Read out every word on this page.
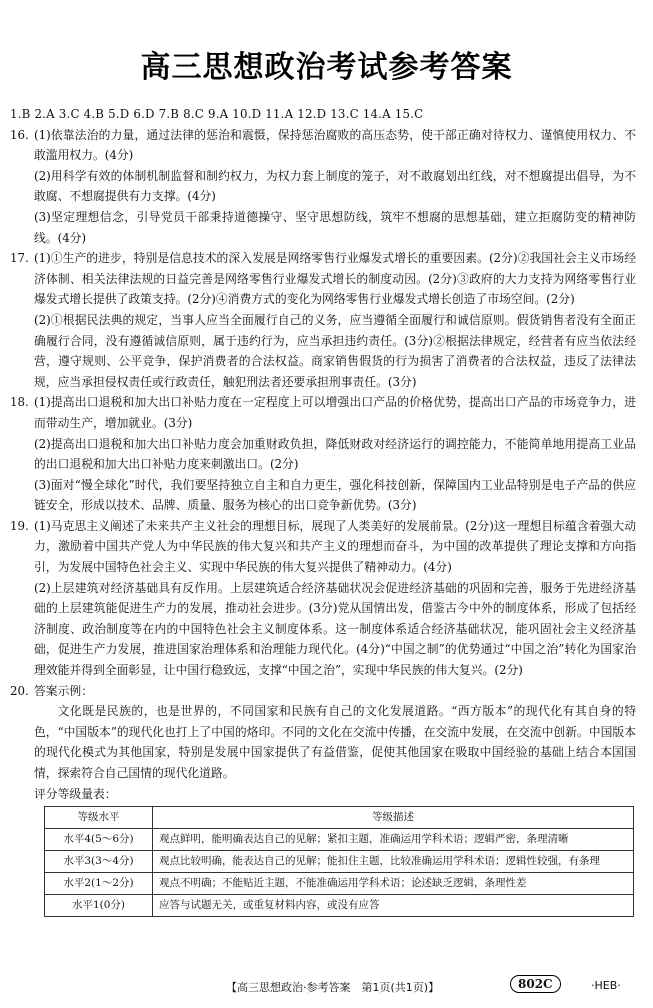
高三思想政治考试参考答案

1.B 2.A 3.C 4.B 5.D 6.D 7.B 8.C 9.A 10.D 11.A 12.D 13.C 14.A 15.C

16. (1)依靠法治的力量，通过法律的惩治和震慑，保持惩治腐败的高压态势，使干部正确对待权力、谨慎使用权力、不敢滥用权力。(4分)

(2)用科学有效的体制机制监督和制约权力，为权力套上制度的笼子，对不敢腐划出红线，对不想腐提出倡导，为不敢腐、不想腐提供有力支撑。(4分)

(3)坚定理想信念，引导党员干部秉持道德操守、坚守思想防线，筑牢不想腐的思想基础，建立拒腐防变的精神防线。(4分)

17. (1)①生产的进步，特别是信息技术的深入发展是网络零售行业爆发式增长的重要因素。(2分)②我国社会主义市场经济体制、相关法律法规的日益完善是网络零售行业爆发式增长的制度动因。(2分)③政府的大力支持为网络零售行业爆发式增长提供了政策支持。(2分)④消费方式的变化为网络零售行业爆发式增长创造了市场空间。(2分)

(2)①根据民法典的规定，当事人应当全面履行自己的义务，应当遵循全面履行和诚信原则。假货销售者没有全面正确履行合同，没有遵循诚信原则，属于违约行为，应当承担违约责任。(3分)②根据法律规定，经营者有应当依法经营，遵守规则、公平竞争，保护消费者的合法权益。商家销售假货的行为损害了消费者的合法权益，违反了法律法规，应当承担侵权责任或行政责任，触犯刑法者还要承担刑事责任。(3分)

18. (1)提高出口退税和加大出口补贴力度在一定程度上可以增强出口产品的价格优势，提高出口产品的市场竞争力，进而带动生产，增加就业。(3分)

(2)提高出口退税和加大出口补贴力度会加重财政负担，降低财政对经济运行的调控能力，不能简单地用提高工业品的出口退税和加大出口补贴力度来刺激出口。(2分)

(3)面对“慢全球化”时代，我们要坚持独立自主和自力更生，强化科技创新，保障国内工业品特别是电子产品的供应链安全，形成以技术、品牌、质量、服务为核心的出口竞争新优势。(3分)

19. (1)马克思主义阐述了未来共产主义社会的理想目标，展现了人类美好的发展前景。(2分)这一理想目标蕴含着强大动力，激励着中国共产党人为中华民族的伟大复兴和共产主义的理想而奋斗，为中国的改革提供了理论支撑和方向指引，为发展中国特色社会主义、实现中华民族的伟大复兴提供了精神动力。(4分)

(2)上层建筑对经济基础具有反作用。上层建筑适合经济基础状况会促进经济基础的巩固和完善，服务于先进经济基础的上层建筑能促进生产力的发展，推动社会进步。(3分)党从国情出发，借鉴古今中外的制度体系，形成了包括经济制度、政治制度等在内的中国特色社会主义制度体系。这一制度体系适合经济基础状况，能巩固社会主义经济基础，促进生产力发展，推进国家治理体系和治理能力现代化。(4分)“中国之制”的优势通过“中国之治”转化为国家治理效能并得到全面彰显，让中国行稳致远，支撑“中国之治”，实现中华民族的伟大复兴。(2分)

20. 答案示例：

文化既是民族的，也是世界的，不同国家和民族有自己的文化发展道路。“西方版本”的现代化有其自身的特色，“中国版本”的现代化也打上了中国的烙印。不同的文化在交流中传播，在交流中发展，在交流中创新。中国版本的现代化模式为其他国家，特别是发展中国家提供了有益借鉴，促使其他国家在吸取中国经验的基础上结合本国国情，探索符合自己国情的现代化道路。

评分等级量表：

等级水平	等级描述
水平4(5～6分)	观点鲜明，能明确表达自己的见解；紧扣主题，准确运用学科术语；逻辑严密，条理清晰
水平3(3～4分)	观点比较明确，能表达自己的见解；能扣住主题，比较准确运用学科术语；逻辑性较强，有条理
水平2(1～2分)	观点不明确；不能贴近主题，不能准确运用学科术语；论述缺乏逻辑，条理性差
水平1(0分)	应答与试题无关，或重复材料内容，或没有应答
【高三思想政治·参考答案　第1页(共1页)】	802C	·HEB·
